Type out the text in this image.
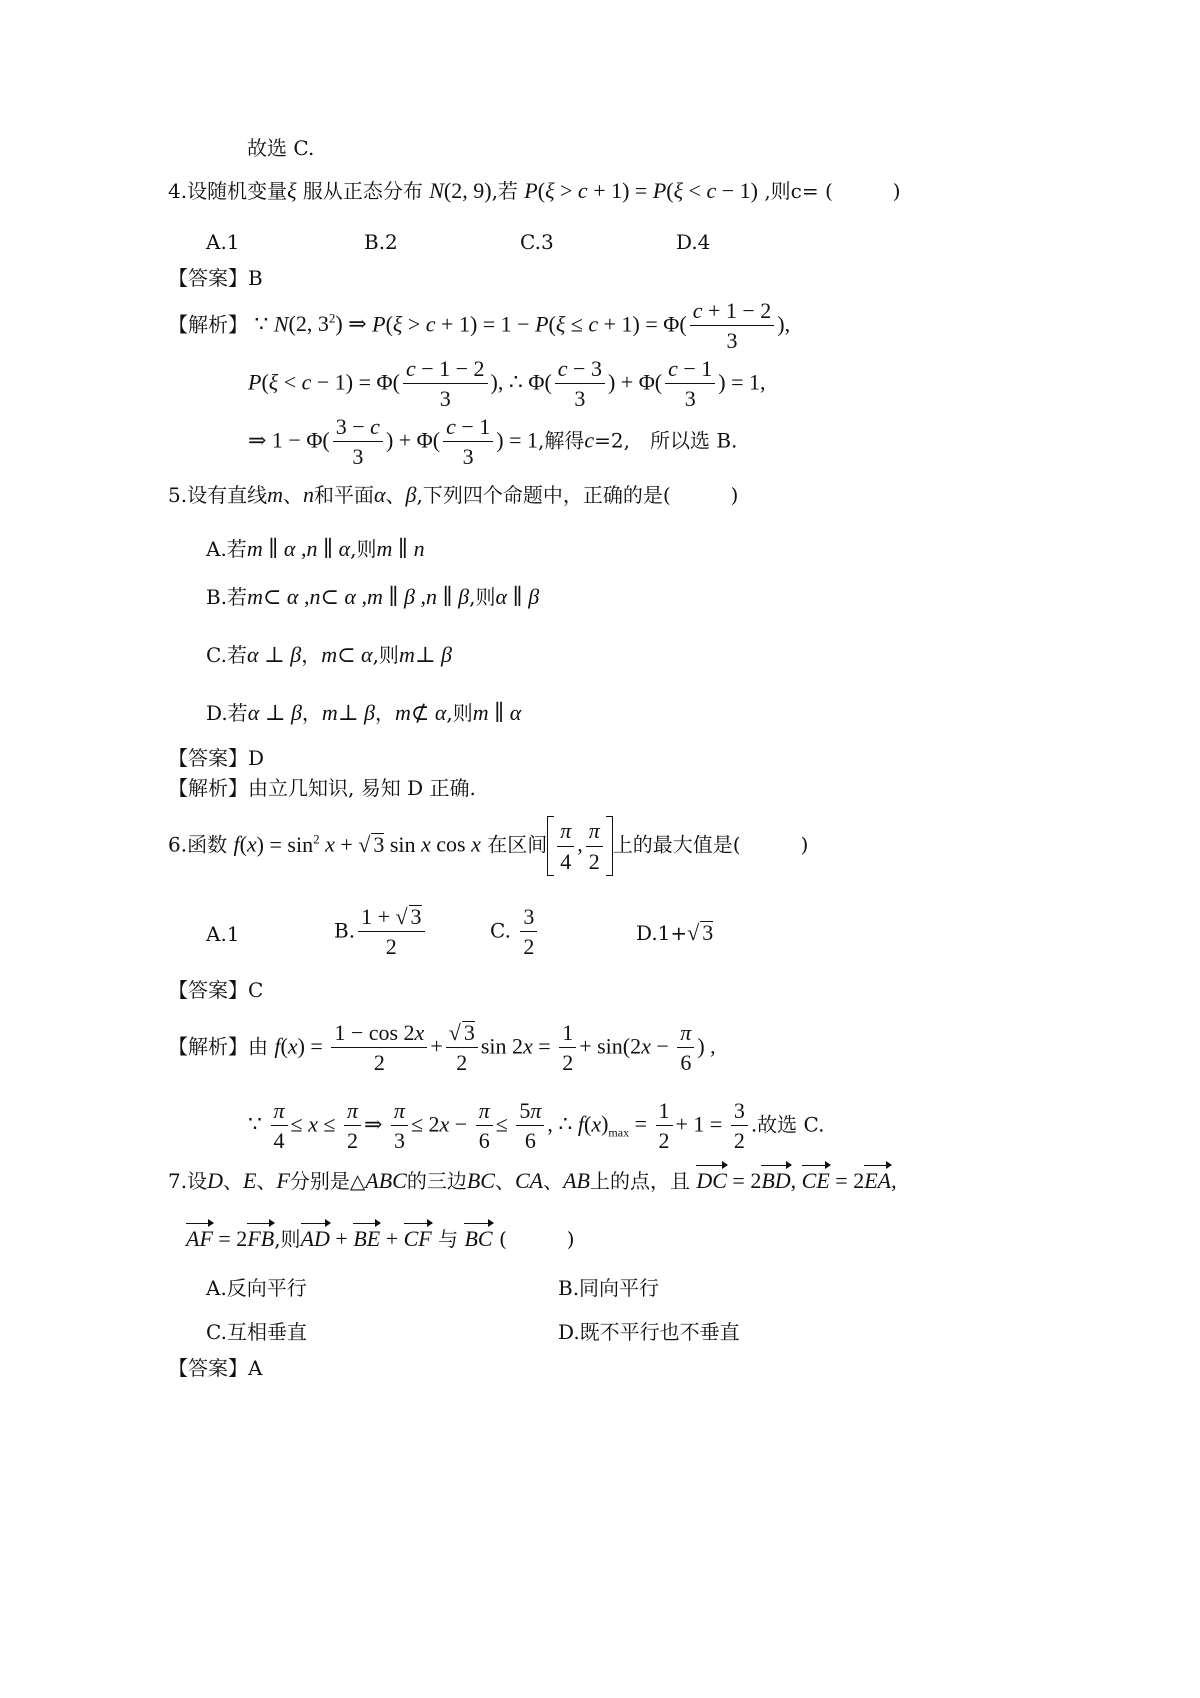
故选 C.
4.设随机变量ξ 服从正态分布 N(2, 9),若 P(ξ > c + 1) = P(ξ < c − 1) ,则c= (　　　)
A.1	B.2	C.3	D.4
【答案】B
【解析】 ∵ N(2, $3^2$) ⇒ $P(\xi > c + 1) = 1 - P(\xi \le c + 1) = \Phi( \frac{c + 1 - 2}{3}$ ),
$P(\xi < c - 1) = \Phi( \frac{c - 1 - 2}{3}$ ), ∴ $\Phi( \frac{c - 3}{3}$ ) + $\Phi( \frac{c - 1}{3}$ ) = 1,
⇒ $1 - \Phi( \frac{3 - c}{3}$ ) + $\Phi( \frac{c - 1}{3}$ ) = 1,解得c=2,　所以选 B.
5.设有直线m、n和平面α、β,下列四个命题中，正确的是(　　　)
A.若m ∥ α ,n ∥ α,则m ∥ n
B.若m⊂ α ,n⊂ α ,m ∥ β ,n ∥ β,则α ∥ β
C.若α ⊥ β，m⊂ α,则m⊥ β
D.若α ⊥ β，m⊥ β，m⊄ α,则m ∥ α
【答案】D
【解析】由立几知识, 易知 D 正确.
6.函数 $f(x) = \sin^2 x$ + √ 3 sin x cos x 在区间 $\frac{\pi}{4}$ , $\frac{\pi}{2}$ 上的最大值是(　　　)
A.1	B. $\frac{1 + √ 3}{2}$	C. $\frac{3}{2}$	D.1+√ 3
【答案】C
【解析】由 $f(x) = \frac{1 - \cos 2x}{2} + \frac{√ 3}{2}$ $\sin 2x = \frac{1}{2} + \sin(2x - \frac{\pi}{6}$ ) ,
∵ $\frac{\pi}{4} \le x \le \frac{\pi}{2}$ ⇒ $\frac{\pi}{3} \le 2x - \frac{\pi}{6} \le \frac{5\pi}{6}$ , ∴ $f(x)_{max} = \frac{1}{2} + 1 = \frac{3}{2}$ .故选 C.
7.设D、E、F分别是△ABC的三边BC、CA、AB上的点，且 DC = 2BD, CE = 2EA,
AF = 2FB,则AD + BE + CF 与 BC (　　　)
A.反向平行	B.同向平行
C.互相垂直	D.既不平行也不垂直
【答案】A
